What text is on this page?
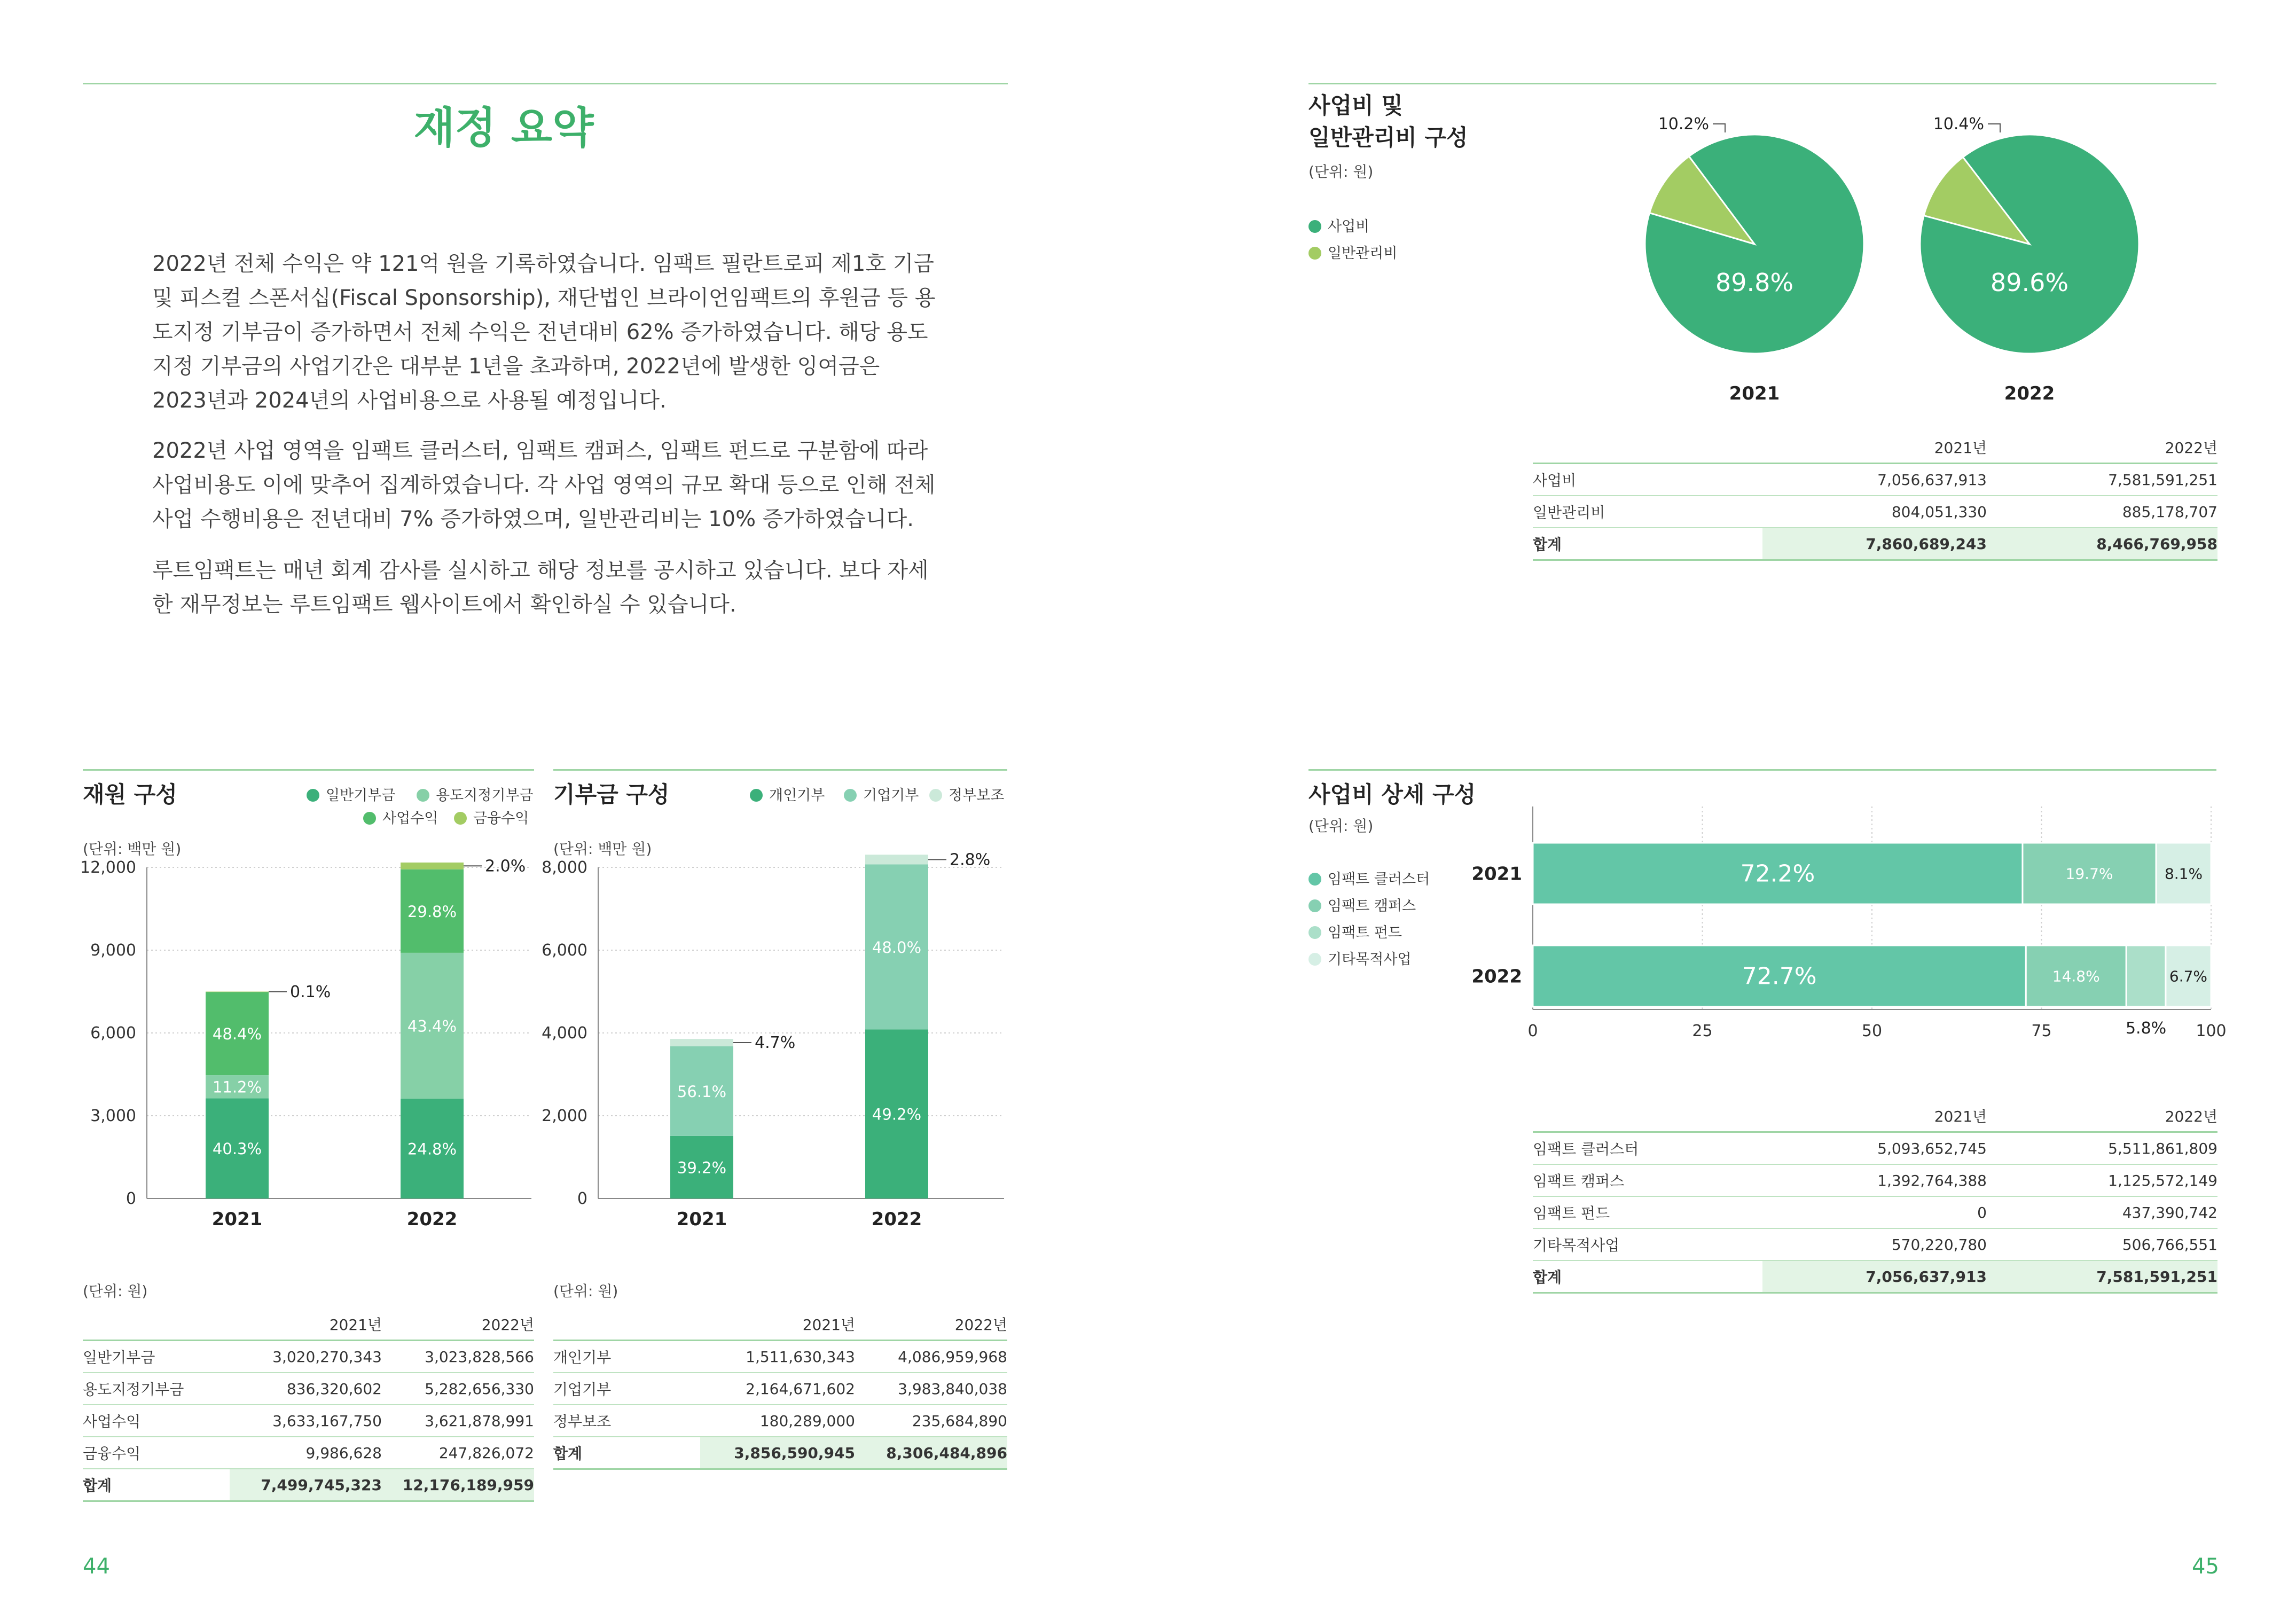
재정 요약

2022년 전체 수익은 약 121억 원을 기록하였습니다. 임팩트 필란트로피 제1호 기금 및 피스컬 스폰서십(Fiscal Sponsorship), 재단법인 브라이언임팩트의 후원금 등 용도지정 기부금이 증가하면서 전체 수익은 전년대비 62% 증가하였습니다. 해당 용도지정 기부금의 사업기간은 대부분 1년을 초과하며, 2022년에 발생한 잉여금은 2023년과 2024년의 사업비용으로 사용될 예정입니다.

2022년 사업 영역을 임팩트 클러스터, 임팩트 캠퍼스, 임팩트 펀드로 구분함에 따라 사업비용도 이에 맞추어 집계하였습니다. 각 사업 영역의 규모 확대 등으로 인해 전체 사업 수행비용은 전년대비 7% 증가하였으며, 일반관리비는 10% 증가하였습니다.

루트임팩트는 매년 회계 감사를 실시하고 해당 정보를 공시하고 있습니다. 보다 자세한 재무정보는 루트임팩트 웹사이트에서 확인하실 수 있습니다.

재원 구성	일반기부금	용도지정기부금
사업수익	금융수익
(단위: 백만 원)
0
3,000
6,000
9,000
12,000
40.3%
11.2%
48.4%
0.1%
2021
24.8%
43.4%
29.8%
2.0%
2022
기부금 구성	개인기부	기업기부	정부보조
(단위: 백만 원)
0
2,000
4,000
6,000
8,000
39.2%
56.1%
4.7%
2021
49.2%
48.0%
2.8%
2022
(단위: 원)
	2021년	2022년
일반기부금	3,020,270,343	3,023,828,566
용도지정기부금	836,320,602	5,282,656,330
사업수익	3,633,167,750	3,621,878,991
금융수익	9,986,628	247,826,072
합계	7,499,745,323	12,176,189,959
(단위: 원)
	2021년	2022년
개인기부	1,511,630,343	4,086,959,968
기업기부	2,164,671,602	3,983,840,038
정부보조	180,289,000	235,684,890
합계	3,856,590,945	8,306,484,896
44
사업비 및
일반관리비 구성
(단위: 원)
사업비
일반관리비
89.8%
10.2%
2021
89.6%
10.4%
2022
	2021년	2022년
사업비	7,056,637,913	7,581,591,251
일반관리비	804,051,330	885,178,707
합계	7,860,689,243	8,466,769,958
사업비 상세 구성
(단위: 원)
임팩트 클러스터
임팩트 캠퍼스
임팩트 펀드
기타목적사업
0	25	50	75	100
2021	72.2%	19.7%	8.1%
2022	72.7%	14.8%
5.8%
6.7%
	2021년	2022년
임팩트 클러스터	5,093,652,745	5,511,861,809
임팩트 캠퍼스	1,392,764,388	1,125,572,149
임팩트 펀드	0	437,390,742
기타목적사업	570,220,780	506,766,551
합계	7,056,637,913	7,581,591,251
45
